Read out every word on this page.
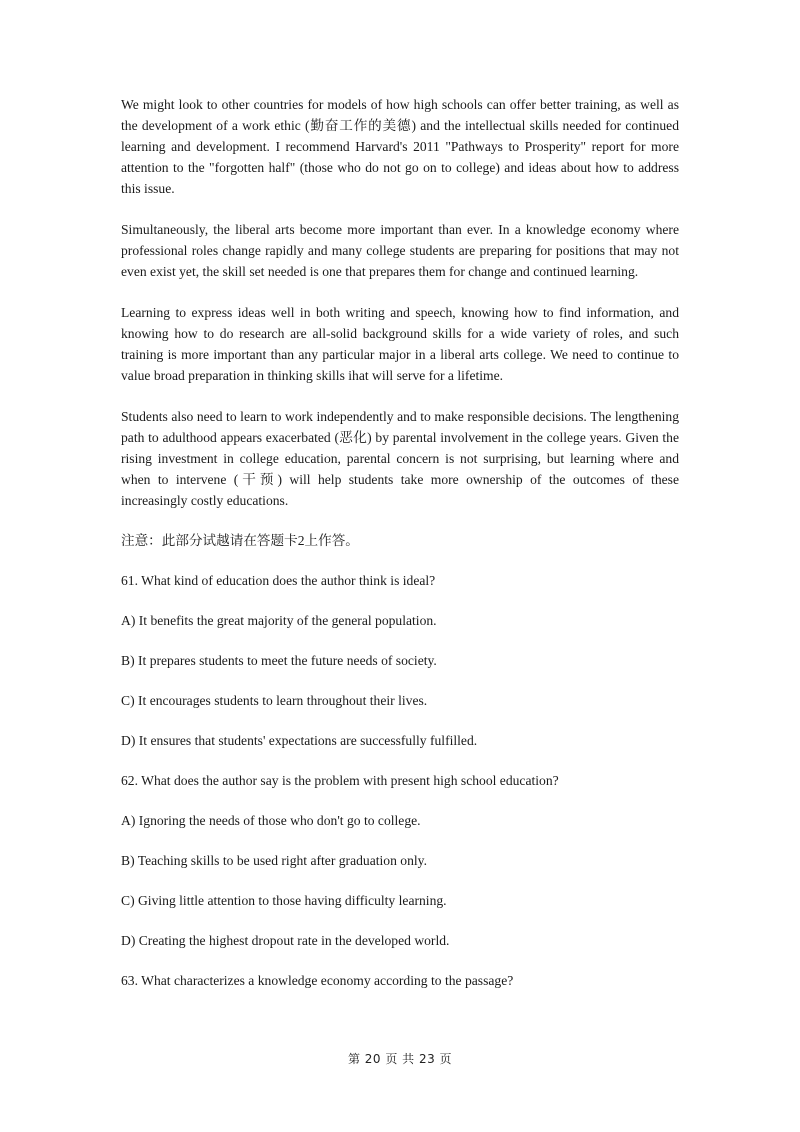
We might look to other countries for models of how high schools can offer better training, as well as the development of a work ethic (勤奋工作的美德) and the intellectual skills needed for continued learning and development. I recommend Harvard's 2011 "Pathways to Prosperity" report for more attention to the "forgotten half" (those who do not go on to college) and ideas about how to address this issue.

Simultaneously, the liberal arts become more important than ever. In a knowledge economy where professional roles change rapidly and many college students are preparing for positions that may not even exist yet, the skill set needed is one that prepares them for change and continued learning.

Learning to express ideas well in both writing and speech, knowing how to find information, and knowing how to do research are all-solid background skills for a wide variety of roles, and such training is more important than any particular major in a liberal arts college. We need to continue to value broad preparation in thinking skills ihat will serve for a lifetime.

Students also need to learn to work independently and to make responsible decisions. The lengthening path to adulthood appears exacerbated (恶化) by parental involvement in the college years. Given the rising investment in college education, parental concern is not surprising, but learning where and when to intervene (干预) will help students take more ownership of the outcomes of these increasingly costly educations.

注意：此部分试越请在答题卡2上作答。

61. What kind of education does the author think is ideal?

A) It benefits the great majority of the general population.

B) It prepares students to meet the future needs of society.

C) It encourages students to learn throughout their lives.

D) It ensures that students' expectations are successfully fulfilled.

62. What does the author say is the problem with present high school education?

A) Ignoring the needs of those who don't go to college.

B) Teaching skills to be used right after graduation only.

C) Giving little attention to those having difficulty learning.

D) Creating the highest dropout rate in the developed world.

63. What characterizes a knowledge economy according to the passage?

第 20 页 共 23 页
